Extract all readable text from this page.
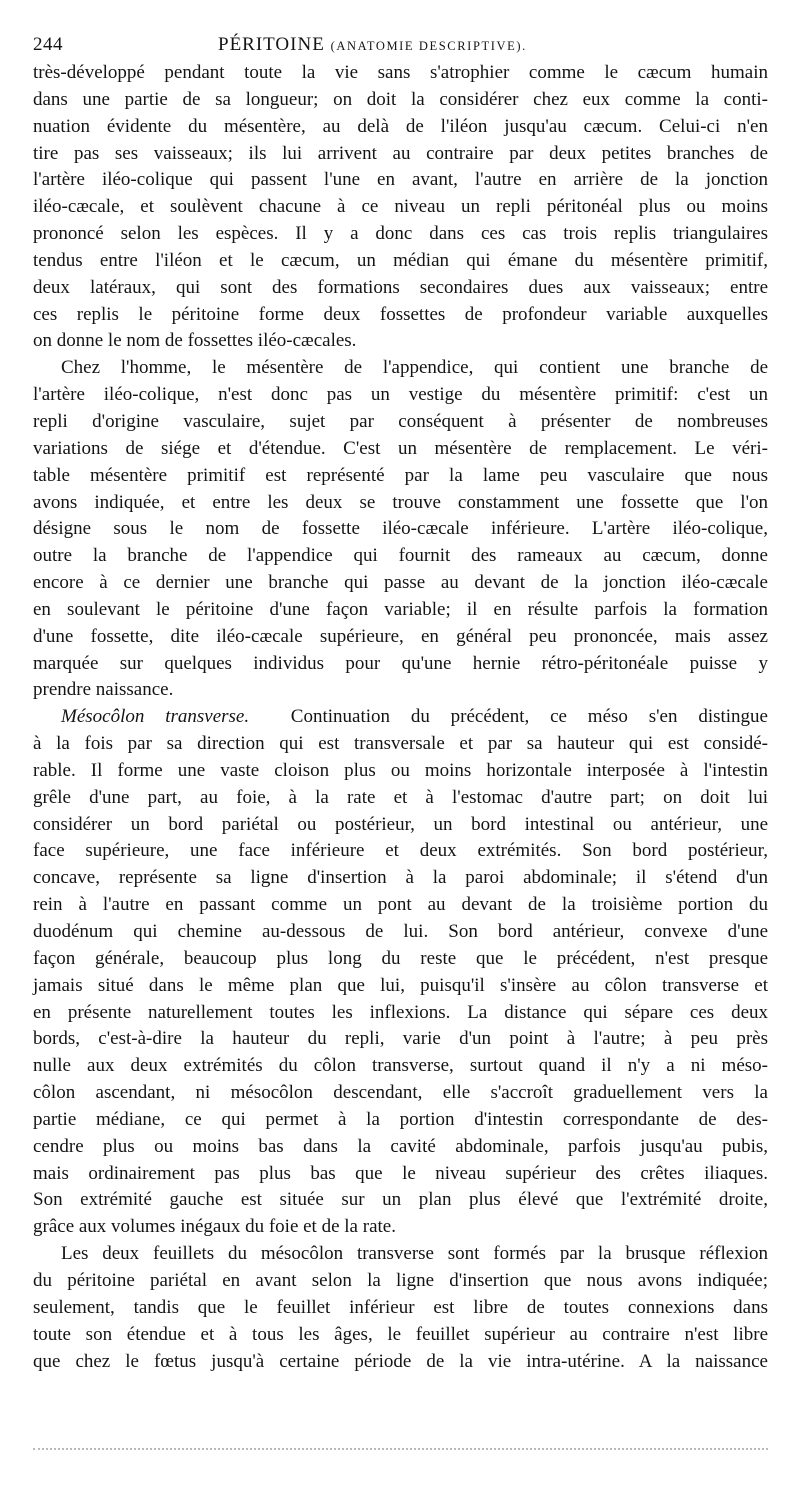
244	PÉRITOINE (ANATOMIE DESCRIPTIVE).

très-développé pendant toute la vie sans s'atrophier comme le cæcum humain

dans une partie de sa longueur; on doit la considérer chez eux comme la conti-

nuation évidente du mésentère, au delà de l'iléon jusqu'au cæcum. Celui-ci n'en

tire pas ses vaisseaux; ils lui arrivent au contraire par deux petites branches de

l'artère iléo-colique qui passent l'une en avant, l'autre en arrière de la jonction

iléo-cæcale, et soulèvent chacune à ce niveau un repli péritonéal plus ou moins

prononcé selon les espèces. Il y a donc dans ces cas trois replis triangulaires

tendus entre l'iléon et le cæcum, un médian qui émane du mésentère primitif,

deux latéraux, qui sont des formations secondaires dues aux vaisseaux; entre

ces replis le péritoine forme deux fossettes de profondeur variable auxquelles

on donne le nom de fossettes iléo-cæcales.

Chez l'homme, le mésentère de l'appendice, qui contient une branche de

l'artère iléo-colique, n'est donc pas un vestige du mésentère primitif: c'est un

repli d'origine vasculaire, sujet par conséquent à présenter de nombreuses

variations de siége et d'étendue. C'est un mésentère de remplacement. Le véri-

table mésentère primitif est représenté par la lame peu vasculaire que nous

avons indiquée, et entre les deux se trouve constamment une fossette que l'on

désigne sous le nom de fossette iléo-cæcale inférieure. L'artère iléo-colique,

outre la branche de l'appendice qui fournit des rameaux au cæcum, donne

encore à ce dernier une branche qui passe au devant de la jonction iléo-cæcale

en soulevant le péritoine d'une façon variable; il en résulte parfois la formation

d'une fossette, dite iléo-cæcale supérieure, en général peu prononcée, mais assez

marquée sur quelques individus pour qu'une hernie rétro-péritonéale puisse y

prendre naissance.

Mésocôlon transverse. Continuation du précédent, ce méso s'en distingue

à la fois par sa direction qui est transversale et par sa hauteur qui est considé-

rable. Il forme une vaste cloison plus ou moins horizontale interposée à l'intestin

grêle d'une part, au foie, à la rate et à l'estomac d'autre part; on doit lui

considérer un bord pariétal ou postérieur, un bord intestinal ou antérieur, une

face supérieure, une face inférieure et deux extrémités. Son bord postérieur,

concave, représente sa ligne d'insertion à la paroi abdominale; il s'étend d'un

rein à l'autre en passant comme un pont au devant de la troisième portion du

duodénum qui chemine au-dessous de lui. Son bord antérieur, convexe d'une

façon générale, beaucoup plus long du reste que le précédent, n'est presque

jamais situé dans le même plan que lui, puisqu'il s'insère au côlon transverse et

en présente naturellement toutes les inflexions. La distance qui sépare ces deux

bords, c'est-à-dire la hauteur du repli, varie d'un point à l'autre; à peu près

nulle aux deux extrémités du côlon transverse, surtout quand il n'y a ni méso-

côlon ascendant, ni mésocôlon descendant, elle s'accroît graduellement vers la

partie médiane, ce qui permet à la portion d'intestin correspondante de des-

cendre plus ou moins bas dans la cavité abdominale, parfois jusqu'au pubis,

mais ordinairement pas plus bas que le niveau supérieur des crêtes iliaques.

Son extrémité gauche est située sur un plan plus élevé que l'extrémité droite,

grâce aux volumes inégaux du foie et de la rate.

Les deux feuillets du mésocôlon transverse sont formés par la brusque réflexion

du péritoine pariétal en avant selon la ligne d'insertion que nous avons indiquée;

seulement, tandis que le feuillet inférieur est libre de toutes connexions dans

toute son étendue et à tous les âges, le feuillet supérieur au contraire n'est libre

que chez le fœtus jusqu'à certaine période de la vie intra-utérine. A la naissance
